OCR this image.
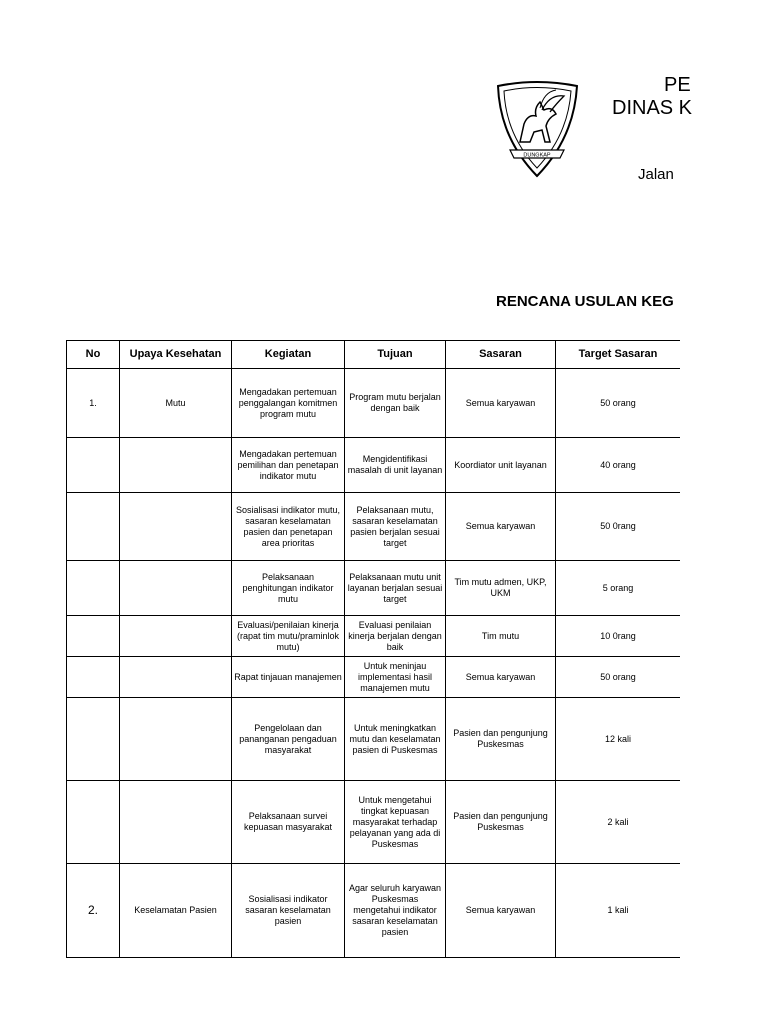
DUNGKAP
PE
DINAS K
Jalan
RENCANA USULAN KEG
No	Upaya Kesehatan	Kegiatan	Tujuan	Sasaran	Target Sasaran
1.	Mutu	Mengadakan pertemuan penggalangan komitmen program mutu	Program mutu berjalan dengan baik	Semua karyawan	50 orang
		Mengadakan pertemuan pemilihan dan penetapan indikator mutu	Mengidentifikasi masalah di unit layanan	Koordiator unit layanan	40 orang
		Sosialisasi indikator mutu, sasaran keselamatan pasien dan penetapan area prioritas	Pelaksanaan mutu, sasaran keselamatan pasien berjalan sesuai target	Semua karyawan	50 0rang
		Pelaksanaan penghitungan indikator mutu	Pelaksanaan mutu unit layanan berjalan sesuai target	Tim mutu admen, UKP, UKM	5 orang
		Evaluasi/penilaian kinerja (rapat tim mutu/praminlok mutu)	Evaluasi penilaian kinerja berjalan dengan baik	Tim mutu	10 0rang
		Rapat tinjauan manajemen	Untuk meninjau implementasi hasil manajemen mutu	Semua karyawan	50 orang
		Pengelolaan dan pananganan pengaduan masyarakat	Untuk meningkatkan mutu dan keselamatan pasien di Puskesmas	Pasien dan pengunjung Puskesmas	12 kali
		Pelaksanaan survei kepuasan masyarakat	Untuk mengetahui tingkat kepuasan masyarakat terhadap pelayanan yang ada di Puskesmas	Pasien dan pengunjung Puskesmas	2 kali
2.	Keselamatan Pasien	Sosialisasi indikator sasaran keselamatan pasien	Agar seluruh karyawan Puskesmas mengetahui indikator sasaran keselamatan pasien	Semua karyawan	1 kali
